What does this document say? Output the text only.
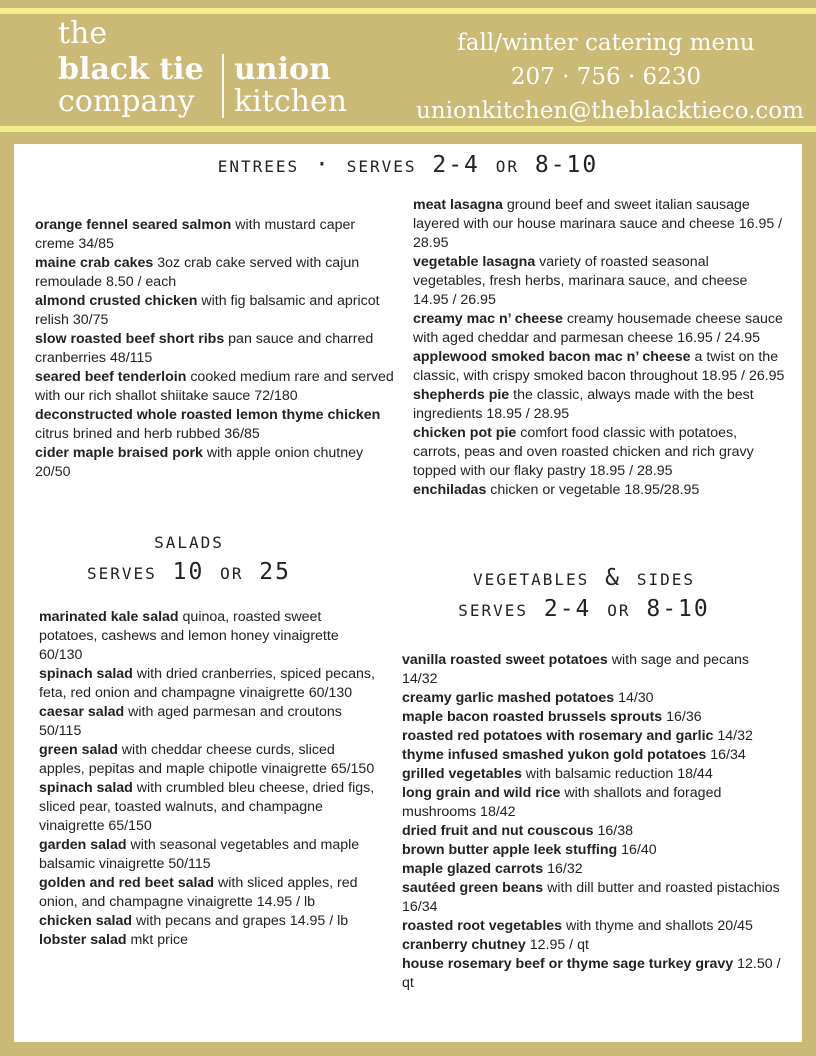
the
black tie union
company kitchen
fall/winter catering menu
207 · 756 · 6230
unionkitchen@theblacktieco.com
entrees · serves 2-4 or 8-10

orange fennel seared salmon with mustard caper creme 34/85

maine crab cakes 3oz crab cake served with cajun remoulade 8.50 / each

almond crusted chicken with fig balsamic and apricot relish 30/75

slow roasted beef short ribs pan sauce and charred cranberries 48/115

seared beef tenderloin cooked medium rare and served with our rich shallot shiitake sauce 72/180

deconstructed whole roasted lemon thyme chicken citrus brined and herb rubbed 36/85

cider maple braised pork with apple onion chutney 20/50

meat lasagna ground beef and sweet italian sausage layered with our house marinara sauce and cheese 16.95 / 28.95

vegetable lasagna variety of roasted seasonal vegetables, fresh herbs, marinara sauce, and cheese 14.95 / 26.95

creamy mac n’ cheese creamy housemade cheese sauce with aged cheddar and parmesan cheese 16.95 / 24.95

applewood smoked bacon mac n’ cheese a twist on the classic, with crispy smoked bacon throughout 18.95 / 26.95

shepherds pie the classic, always made with the best ingredients 18.95 / 28.95

chicken pot pie comfort food classic with potatoes, carrots, peas and oven roasted chicken and rich gravy topped with our flaky pastry 18.95 / 28.95

enchiladas chicken or vegetable 18.95/28.95

salads
serves 10 or 25

marinated kale salad quinoa, roasted sweet potatoes, cashews and lemon honey vinaigrette 60/130

spinach salad with dried cranberries, spiced pecans, feta, red onion and champagne vinaigrette 60/130

caesar salad with aged parmesan and croutons 50/115

green salad with cheddar cheese curds, sliced apples, pepitas and maple chipotle vinaigrette 65/150

spinach salad with crumbled bleu cheese, dried figs, sliced pear, toasted walnuts, and champagne vinaigrette 65/150

garden salad with seasonal vegetables and maple balsamic vinaigrette 50/115

golden and red beet salad with sliced apples, red onion, and champagne vinaigrette 14.95 / lb

chicken salad with pecans and grapes 14.95 / lb

lobster salad mkt price

vegetables & sides
serves 2-4 or 8-10

vanilla roasted sweet potatoes with sage and pecans 14/32

creamy garlic mashed potatoes 14/30

maple bacon roasted brussels sprouts 16/36

roasted red potatoes with rosemary and garlic 14/32

thyme infused smashed yukon gold potatoes 16/34

grilled vegetables with balsamic reduction 18/44

long grain and wild rice with shallots and foraged mushrooms 18/42

dried fruit and nut couscous 16/38

brown butter apple leek stuffing 16/40

maple glazed carrots 16/32

sautéed green beans with dill butter and roasted pistachios 16/34

roasted root vegetables with thyme and shallots 20/45

cranberry chutney 12.95 / qt

house rosemary beef or thyme sage turkey gravy 12.50 / qt
